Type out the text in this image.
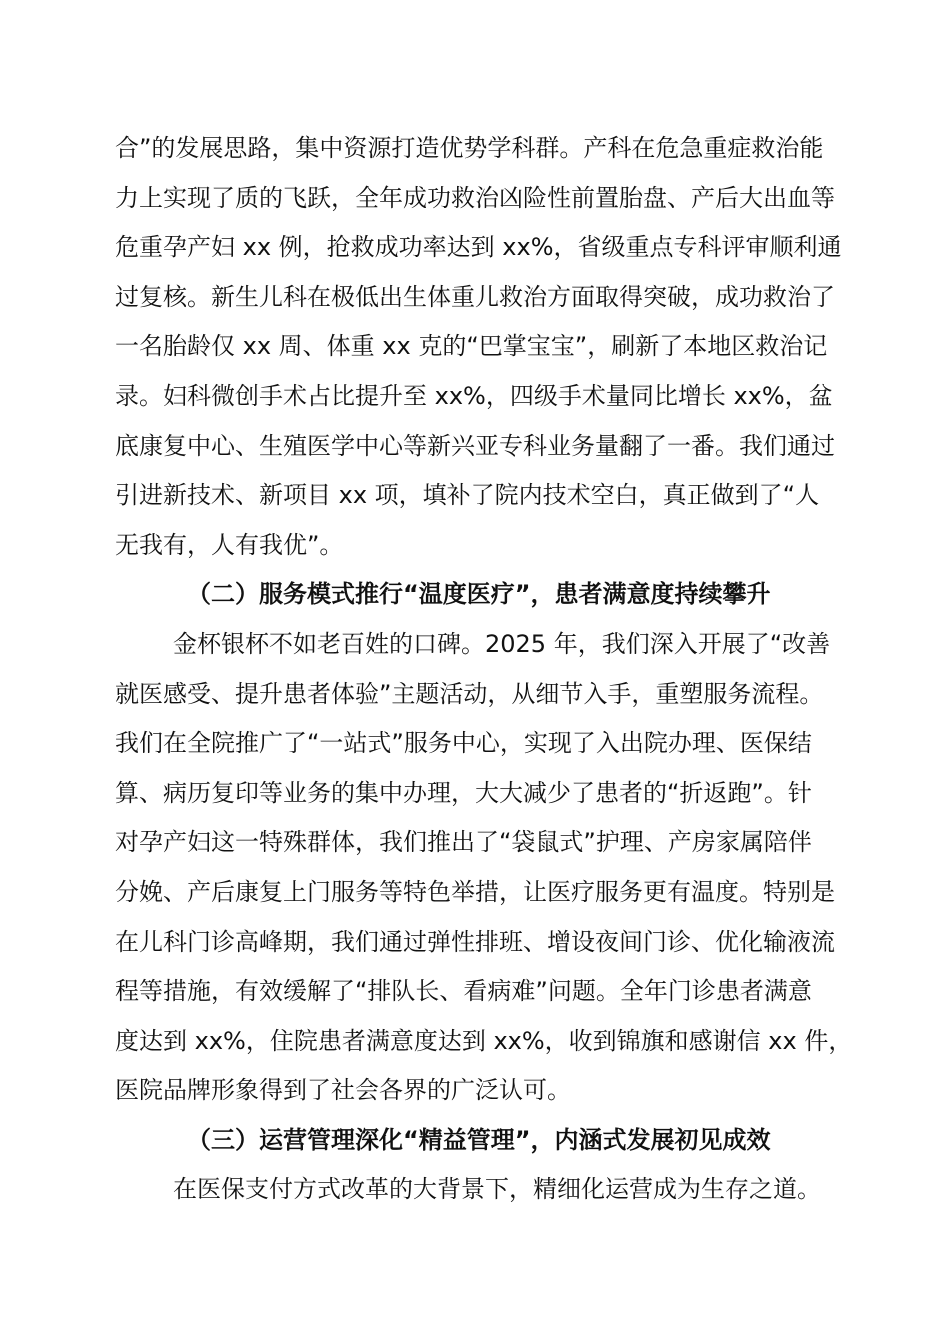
合”的发展思路，集中资源打造优势学科群。产科在危急重症救治能
力上实现了质的飞跃，全年成功救治凶险性前置胎盘、产后大出血等
危重孕产妇 xx 例，抢救成功率达到 xx%，省级重点专科评审顺利通
过复核。新生儿科在极低出生体重儿救治方面取得突破，成功救治了
一名胎龄仅 xx 周、体重 xx 克的“巴掌宝宝”，刷新了本地区救治记
录。妇科微创手术占比提升至 xx%，四级手术量同比增长 xx%，盆
底康复中心、生殖医学中心等新兴亚专科业务量翻了一番。我们通过
引进新技术、新项目 xx 项，填补了院内技术空白，真正做到了“人
无我有，人有我优”。
（二）服务模式推行“温度医疗”，患者满意度持续攀升
金杯银杯不如老百姓的口碑。2025 年，我们深入开展了“改善
就医感受、提升患者体验”主题活动，从细节入手，重塑服务流程。
我们在全院推广了“一站式”服务中心，实现了入出院办理、医保结
算、病历复印等业务的集中办理，大大减少了患者的“折返跑”。针
对孕产妇这一特殊群体，我们推出了“袋鼠式”护理、产房家属陪伴
分娩、产后康复上门服务等特色举措，让医疗服务更有温度。特别是
在儿科门诊高峰期，我们通过弹性排班、增设夜间门诊、优化输液流
程等措施，有效缓解了“排队长、看病难”问题。全年门诊患者满意
度达到 xx%，住院患者满意度达到 xx%，收到锦旗和感谢信 xx 件，
医院品牌形象得到了社会各界的广泛认可。
（三）运营管理深化“精益管理”，内涵式发展初见成效
在医保支付方式改革的大背景下，精细化运营成为生存之道。
